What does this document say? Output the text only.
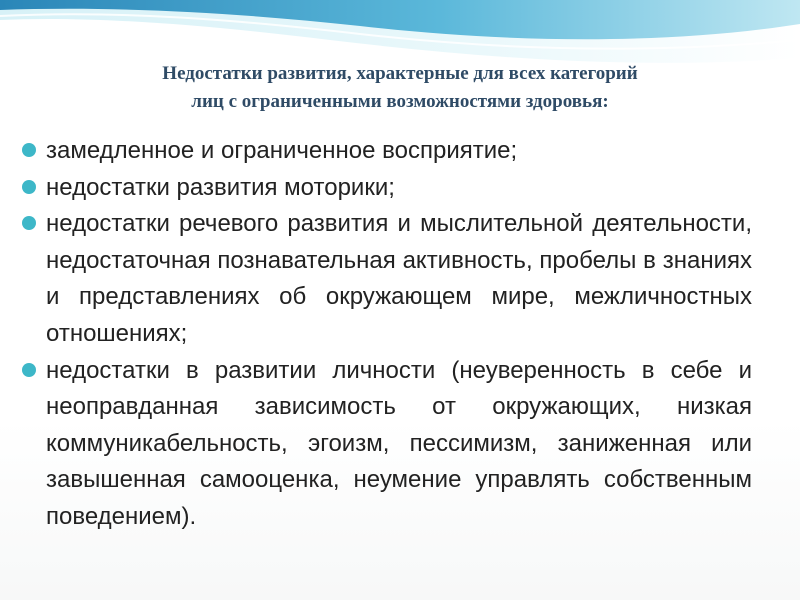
Недостатки развития, характерные для всех категорий
лиц с ограниченными возможностями здоровья:
замедленное и ограниченное восприятие;
недостатки развития моторики;
недостатки речевого развития и мыслительной деятельности, недостаточная познавательная активность, пробелы в знаниях и представлениях об окружающем мире, межличностных отношениях;
недостатки в развитии личности (неуверенность в себе и неоправданная зависимость от окружающих, низкая коммуникабельность, эгоизм, пессимизм, заниженная или завышенная самооценка, неумение управлять собственным поведением).
